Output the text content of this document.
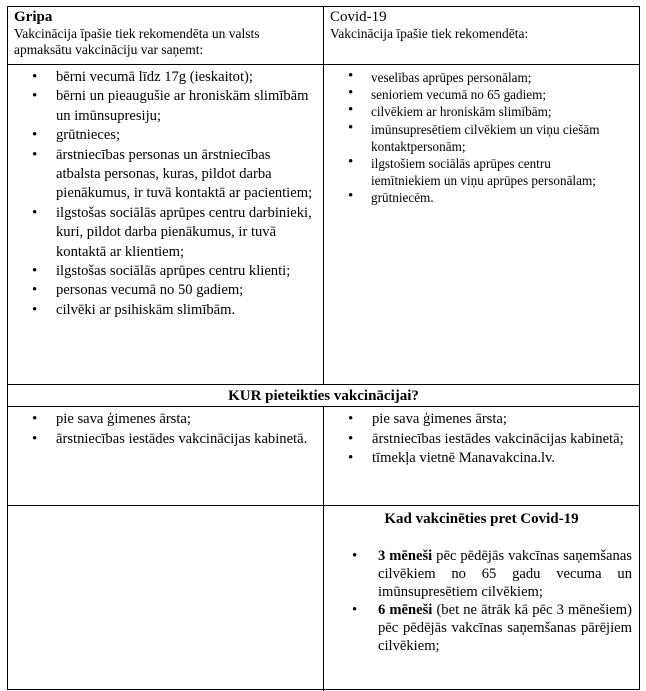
Gripa
Vakcinācija īpašie tiek rekomendēta un valsts apmaksātu vakcināciju var saņemt:
Covid-19
Vakcinācija īpašie tiek rekomendēta:
• bērni vecumā līdz 17g (ieskaitot);
• bērni un pieaugušie ar hroniskām slimībām un imūnsupresiju;
• grūtnieces;
• ārstniecības personas un ārstniecības atbalsta personas, kuras, pildot darba pienākumus, ir tuvā kontaktā ar pacientiem;
• ilgstošas sociālās aprūpes centru darbinieki, kuri, pildot darba pienākumus, ir tuvā kontaktā ar klientiem;
• ilgstošas sociālās aprūpes centru klienti;
• personas vecumā no 50 gadiem;
• cilvēki ar psihiskām slimībām.
• veselības aprūpes personālam;
• senioriem vecumā no 65 gadiem;
• cilvēkiem ar hroniskām slimībām;
• imūnsupresētiem cilvēkiem un viņu ciešām kontaktpersonām;
• ilgstošiem sociālās aprūpes centru iemītniekiem un viņu aprūpes personālam;
• grūtniecēm.
KUR pieteikties vakcinācijai?
• pie sava ģimenes ārsta;
• ārstniecības iestādes vakcinācijas kabinetā.
• pie sava ģimenes ārsta;
• ārstniecības iestādes vakcinācijas kabinetā;
• tīmekļa vietnē Manavakcina.lv.
Kad vakcinēties pret Covid-19
• 3 mēneši pēc pēdējās vakcīnas saņemšanas cilvēkiem no 65 gadu vecuma un imūnsupresētiem cilvēkiem;
• 6 mēneši (bet ne ātrāk kā pēc 3 mēnešiem) pēc pēdējās vakcīnas saņemšanas pārējiem cilvēkiem;
